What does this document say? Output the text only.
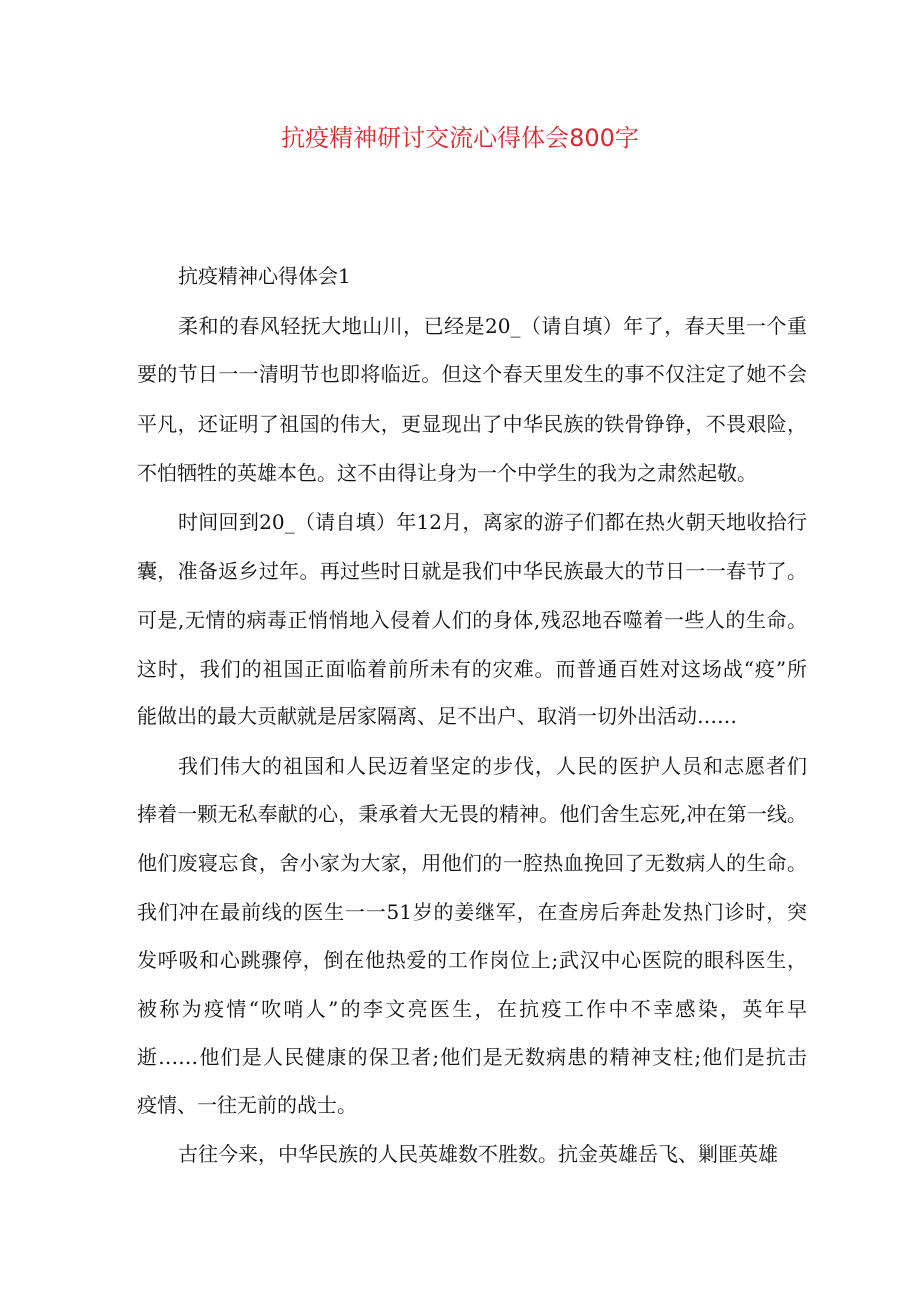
抗疫精神研讨交流心得体会800字
抗疫精神心得体会1
柔和的春风轻抚大地山川，已经是20_（请自填）年了，春天里一个重
要的节日一一清明节也即将临近。但这个春天里发生的事不仅注定了她不会
平凡，还证明了祖国的伟大，更显现出了中华民族的铁骨铮铮，不畏艰险，
不怕牺牲的英雄本色。这不由得让身为一个中学生的我为之肃然起敬。
时间回到20_（请自填）年12月，离家的游子们都在热火朝天地收拾行
囊，准备返乡过年。再过些时日就是我们中华民族最大的节日一一春节了。
可是,无情的病毒正悄悄地入侵着人们的身体,残忍地吞噬着一些人的生命。
这时，我们的祖国正面临着前所未有的灾难。而普通百姓对这场战“疫”所
能做出的最大贡献就是居家隔离、足不出户、取消一切外出活动……
我们伟大的祖国和人民迈着坚定的步伐，人民的医护人员和志愿者们
捧着一颗无私奉献的心，秉承着大无畏的精神。他们舍生忘死,冲在第一线。
他们废寝忘食，舍小家为大家，用他们的一腔热血挽回了无数病人的生命。
我们冲在最前线的医生一一51岁的姜继军，在查房后奔赴发热门诊时，突
发呼吸和心跳骤停，倒在他热爱的工作岗位上;武汉中心医院的眼科医生，
被称为疫情“吹哨人”的李文亮医生，在抗疫工作中不幸感染，英年早
逝……他们是人民健康的保卫者;他们是无数病患的精神支柱;他们是抗击
疫情、一往无前的战士。
古往今来，中华民族的人民英雄数不胜数。抗金英雄岳飞、剿匪英雄
